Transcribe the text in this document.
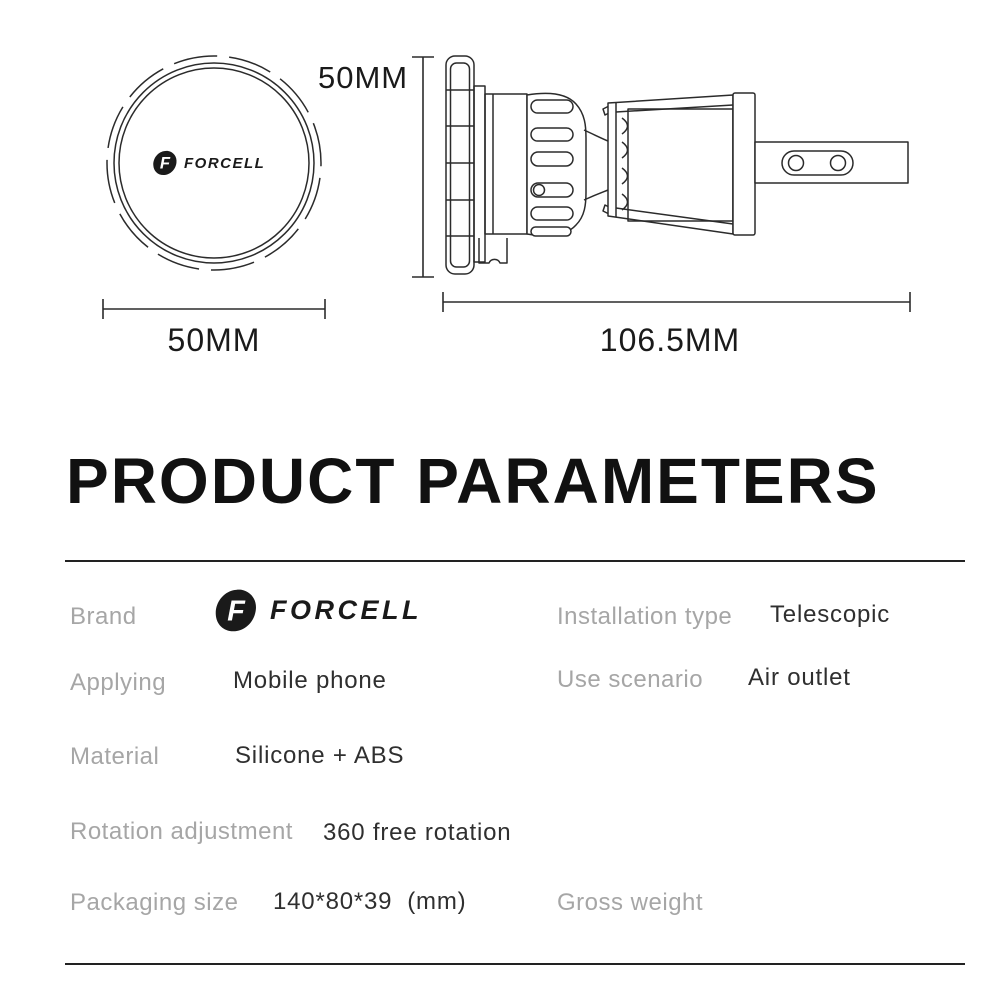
F FORCELL
50MM
50MM	106.5MM
PRODUCT PARAMETERS
Brand F FORCELL	Installation type Telescopic
Applying	Mobile phone	Use scenario Air outlet
Material	Silicone + ABS
Rotation adjustment 360 free rotation
Packaging size 140*80*39  (mm)	Gross weight
